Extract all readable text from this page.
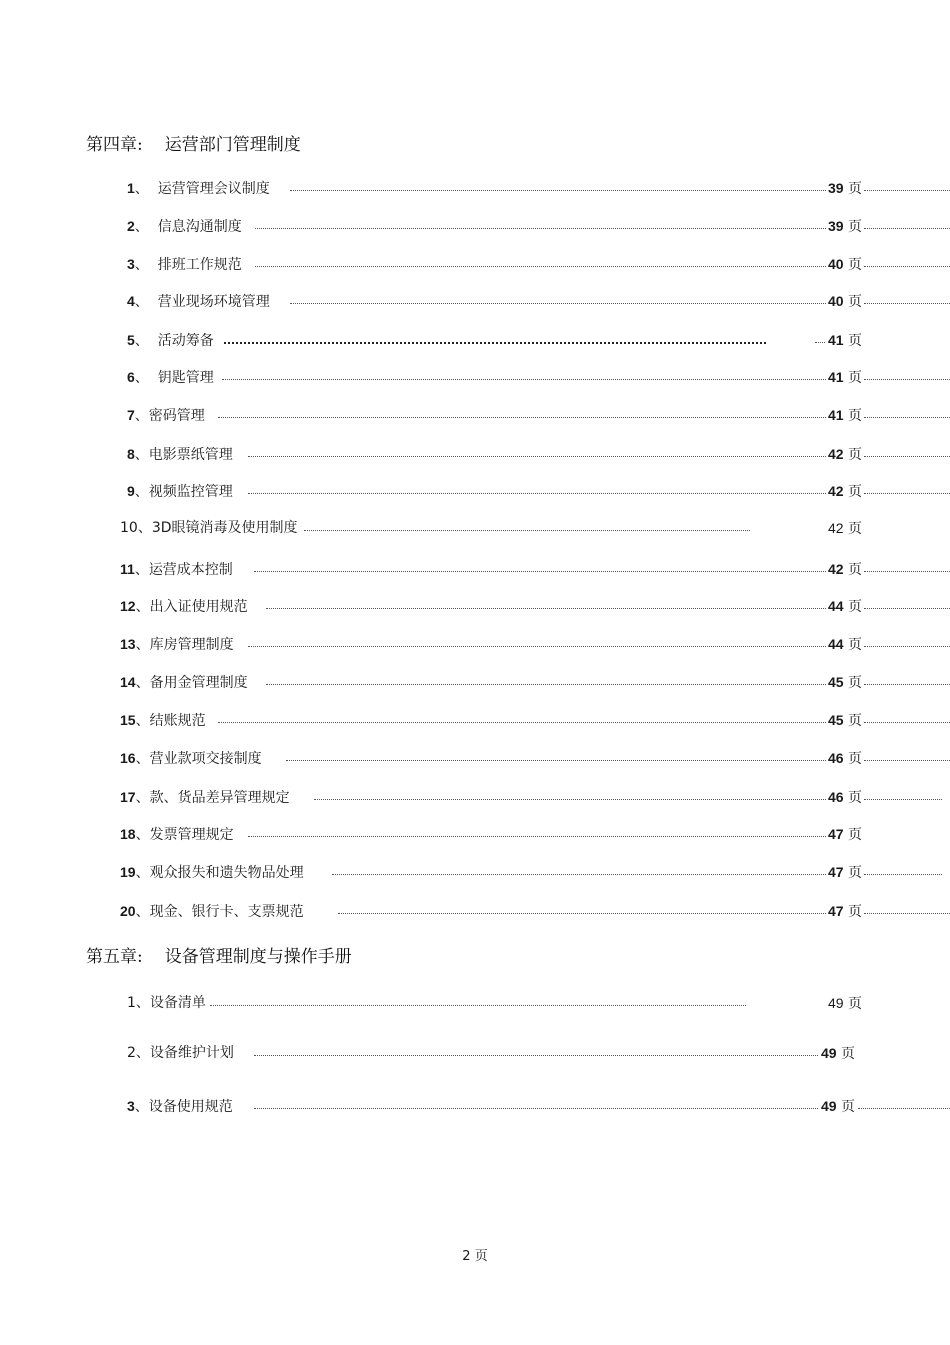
第四章: 运营部门管理制度
1、 运营管理会议制度	39 页
2、 信息沟通制度	39 页
3、 排班工作规范	40 页
4、 营业现场环境管理	40 页
5、 活动筹备	41 页
6、 钥匙管理	41 页
7、密码管理	41 页
8、电影票纸管理	42 页
9、视频监控管理	42 页
10、3D眼镜消毒及使用制度	42 页
11、运营成本控制	42 页
12、出入证使用规范	44 页
13、库房管理制度	44 页
14、备用金管理制度	45 页
15、结账规范	45 页
16、营业款项交接制度	46 页
17、款、货品差异管理规定	46 页
18、发票管理规定	47 页
19、观众报失和遗失物品处理	47 页
20、现金、银行卡、支票规范	47 页
第五章: 设备管理制度与操作手册
1、设备清单	49 页
2、设备维护计划	49 页
3、设备使用规范	49 页
2 页
